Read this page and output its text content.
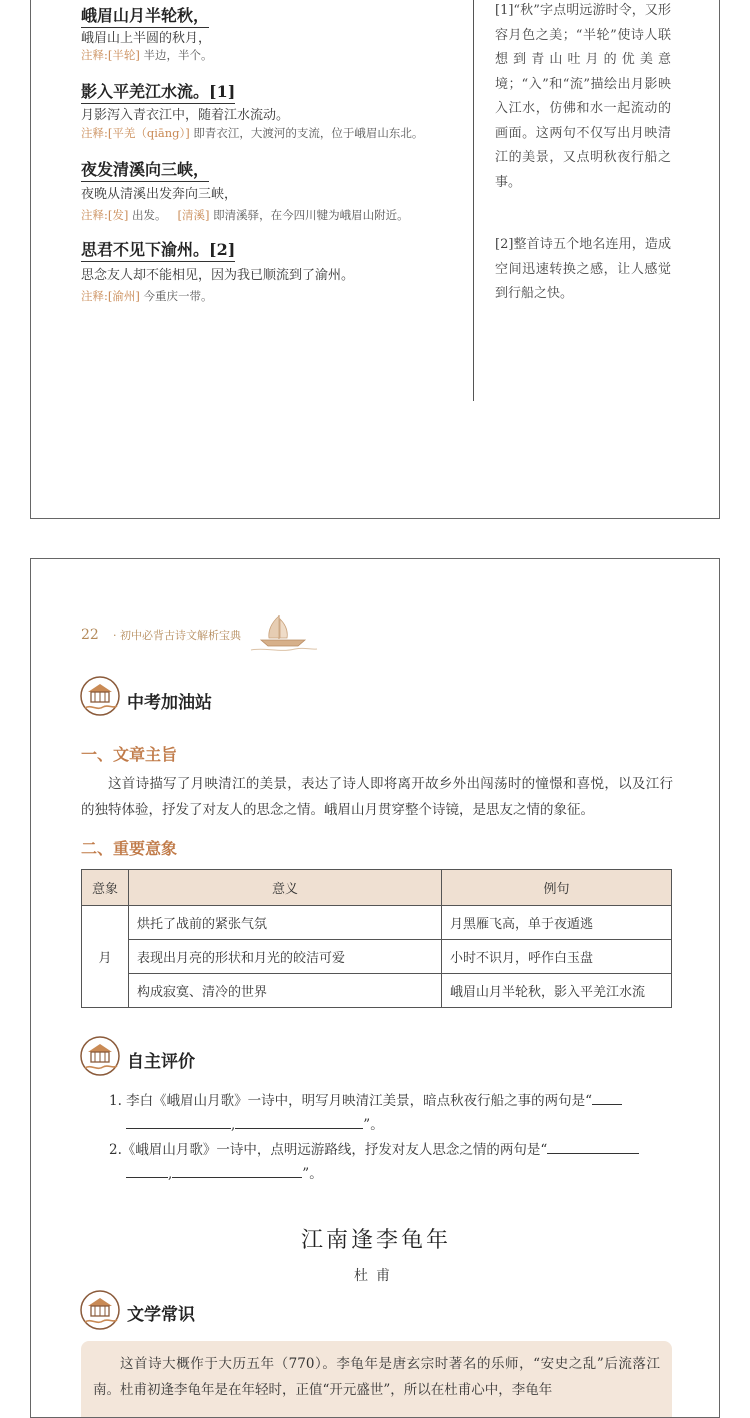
峨眉山月半轮秋，
峨眉山上半圆的秋月，
注释:[半轮] 半边，半个。
影入平羌江水流。[1]
月影泻入青衣江中，随着江水流动。
注释:[平羌（qiāng）] 即青衣江，大渡河的支流，位于峨眉山东北。
夜发清溪向三峡，
夜晚从清溪出发奔向三峡，
注释:[发] 出发。 [清溪] 即清溪驿，在今四川犍为峨眉山附近。
思君不见下渝州。[2]
思念友人却不能相见，因为我已顺流到了渝州。
注释:[渝州] 今重庆一带。
[1]“秋”字点明远游时令，又形容月色之美；“半轮”使诗人联想到青山吐月的优美意境；“入”和“流”描绘出月影映入江水，仿佛和水一起流动的画面。这两句不仅写出月映清江的美景，又点明秋夜行船之事。
[2]整首诗五个地名连用，造成空间迅速转换之感，让人感觉到行船之快。
22 · 初中必背古诗文解析宝典
中考加油站
一、文章主旨
这首诗描写了月映清江的美景，表达了诗人即将离开故乡外出闯荡时的憧憬和喜悦，以及江行的独特体验，抒发了对友人的思念之情。峨眉山月贯穿整个诗镜，是思友之情的象征。
二、重要意象
意象	意义	例句
月	烘托了战前的紧张气氛	月黑雁飞高，单于夜遁逃
	表现出月亮的形状和月光的皎洁可爱	小时不识月，呼作白玉盘
	构成寂寞、清冷的世界	峨眉山月半轮秋，影入平羌江水流
自主评价
1. 李白《峨眉山月歌》一诗中，明写月映清江美景，暗点秋夜行船之事的两句是“
,	”。
2.《峨眉山月歌》一诗中，点明远游路线，抒发对友人思念之情的两句是“
,	”。
江南逢李龟年
杜甫
文学常识
这首诗大概作于大历五年（770）。李龟年是唐玄宗时著名的乐师，“安史之乱”后流落江南。杜甫初逢李龟年是在年轻时，正值“开元盛世”，所以在杜甫心中，李龟年
